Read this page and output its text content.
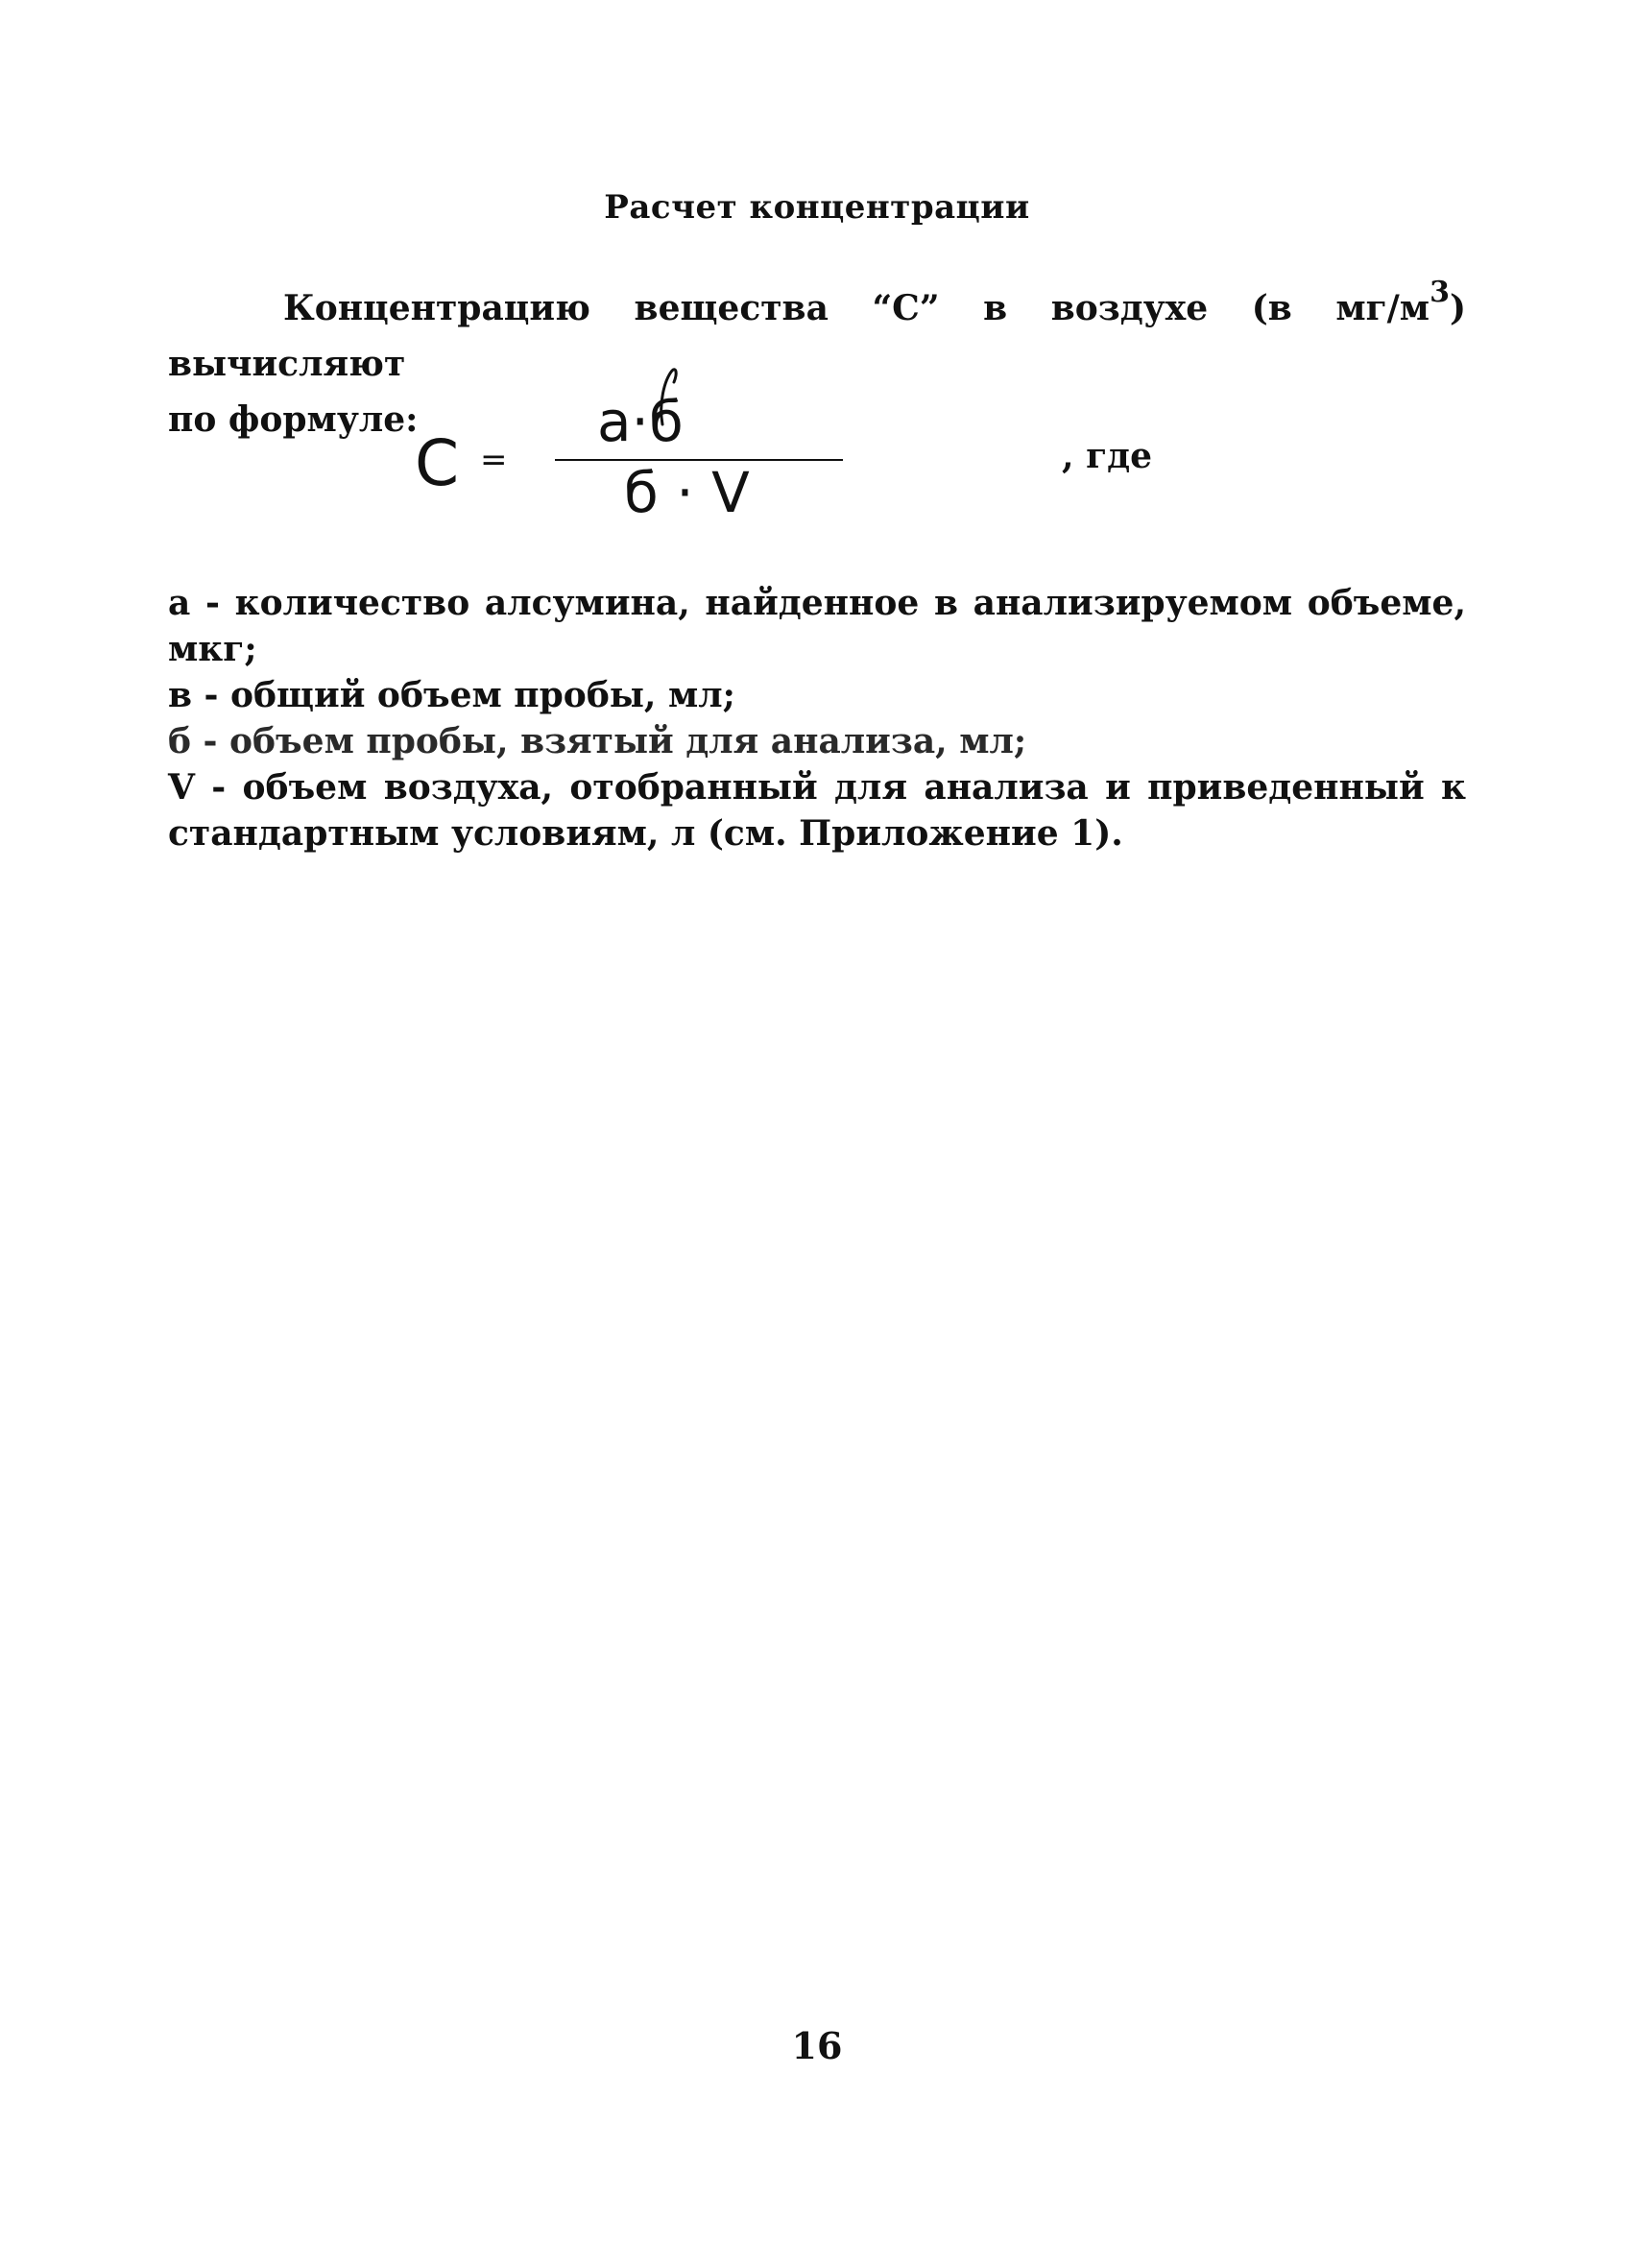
Расчет концентрации
Концентрацию вещества “С” в воздухе (в $мг/м^3$) вычисляют
по формуле:
С =
а·б
б · V
, где
а - количество алсумина, найденное в анализируемом объеме, мкг;
в - общий объем пробы, мл;
б - объем пробы, взятый для анализа, мл;
V - объем воздуха, отобранный для анализа и приведенный к
стандартным условиям, л (см. Приложение 1).
16
